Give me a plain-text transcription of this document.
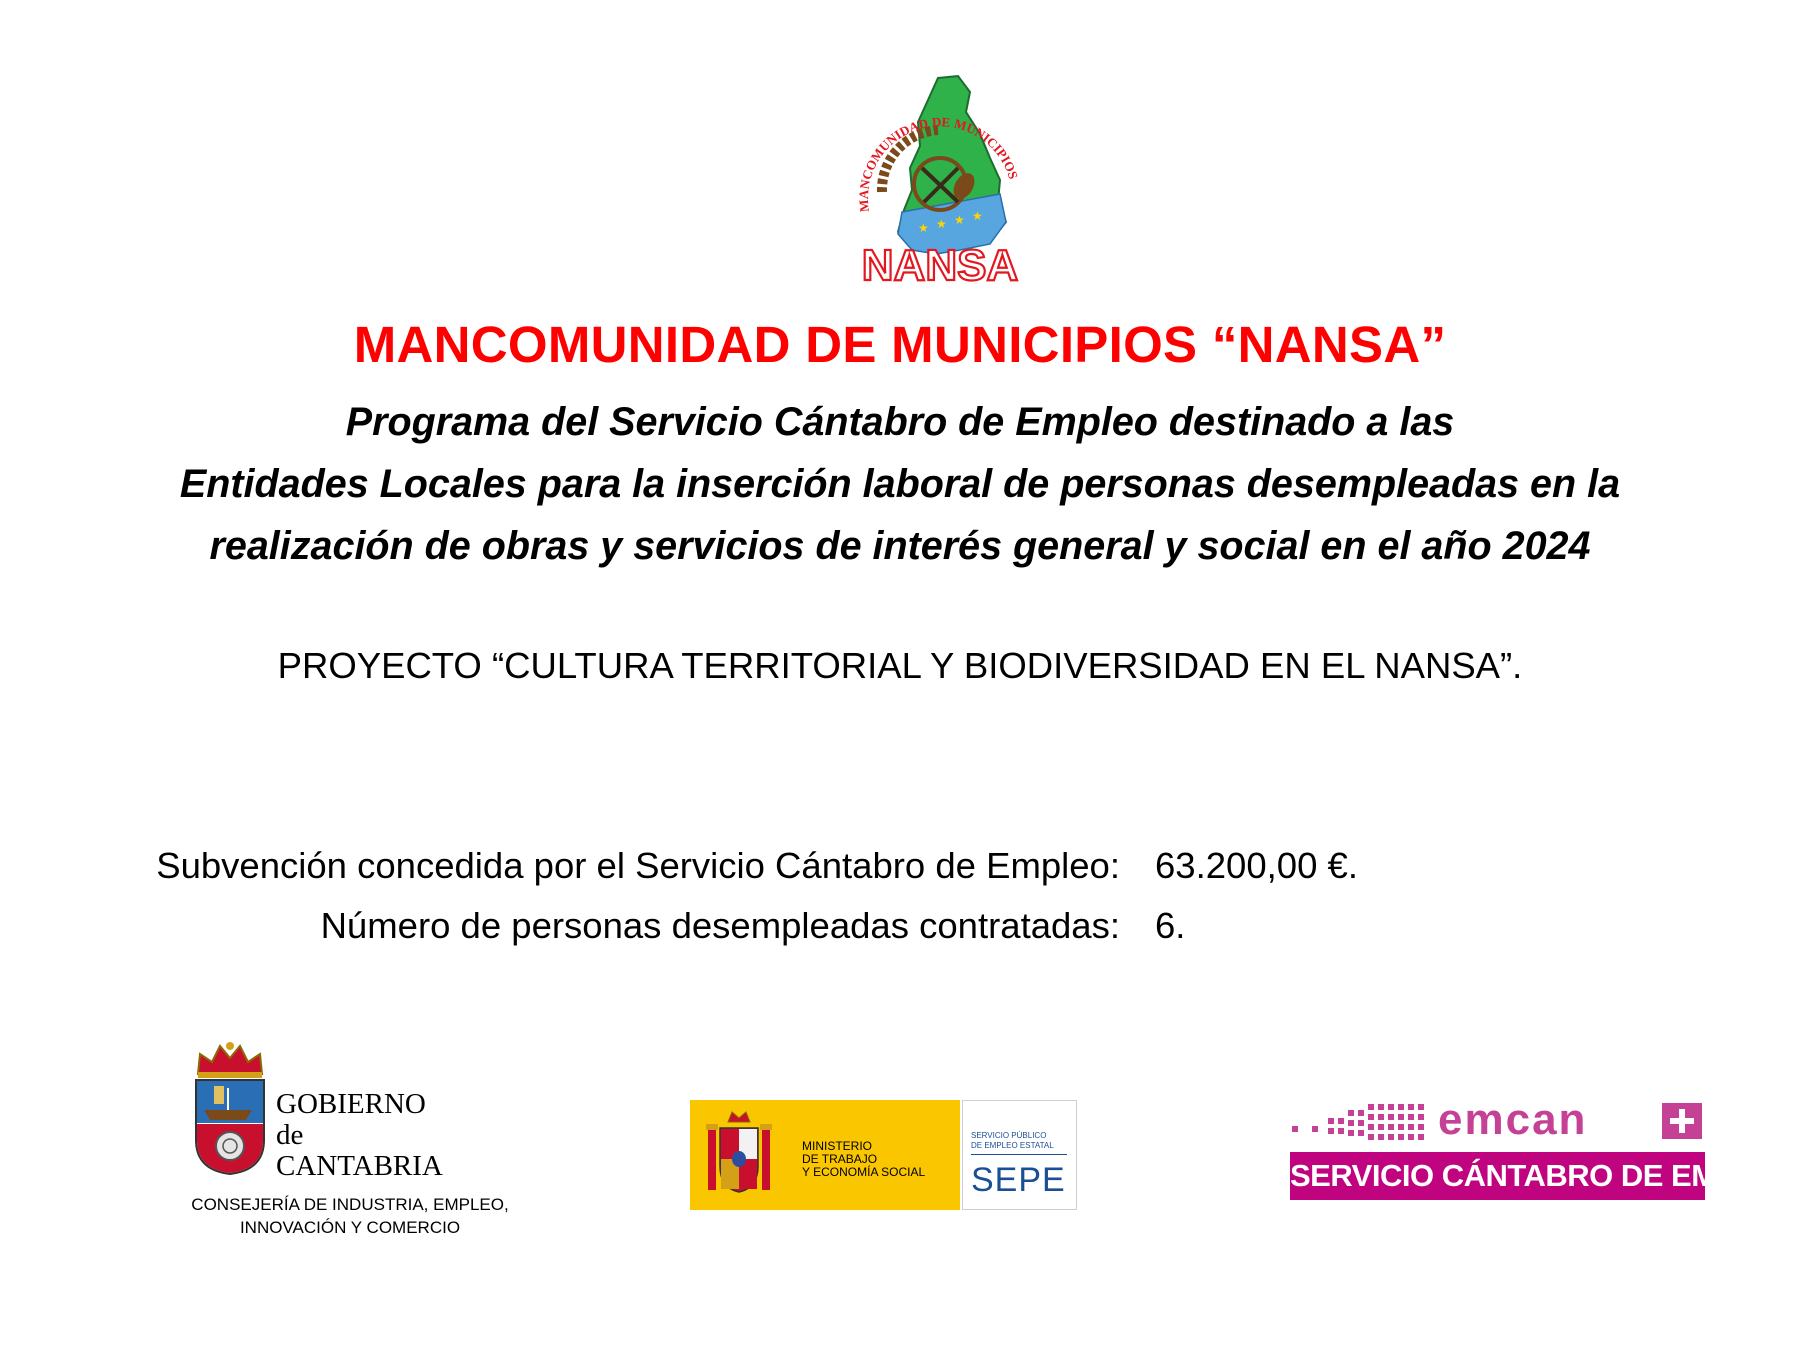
★ ★ ★ ★
MANCOMUNIDAD DE MUNICIPIOS
NANSA
MANCOMUNIDAD DE MUNICIPIOS “NANSA”
Programa del Servicio Cántabro de Empleo destinado a las
Entidades Locales para la inserción laboral de personas desempleadas en la
realización de obras y servicios de interés general y social en el año 2024
PROYECTO “CULTURA TERRITORIAL Y BIODIVERSIDAD EN EL NANSA”.
Subvención concedida por el Servicio Cántabro de Empleo: 63.200,00 €.
Número de personas desempleadas contratadas: 6.
GOBIERNO
de
CANTABRIA
CONSEJERÍA DE INDUSTRIA, EMPLEO,
INNOVACIÓN Y COMERCIO
MINISTERIO
DE TRABAJO
Y ECONOMÍA SOCIAL
SERVICIO PÚBLICO
DE EMPLEO ESTATAL
SEPE
emcan
SERVICIO CÁNTABRO DE EMPLEO
